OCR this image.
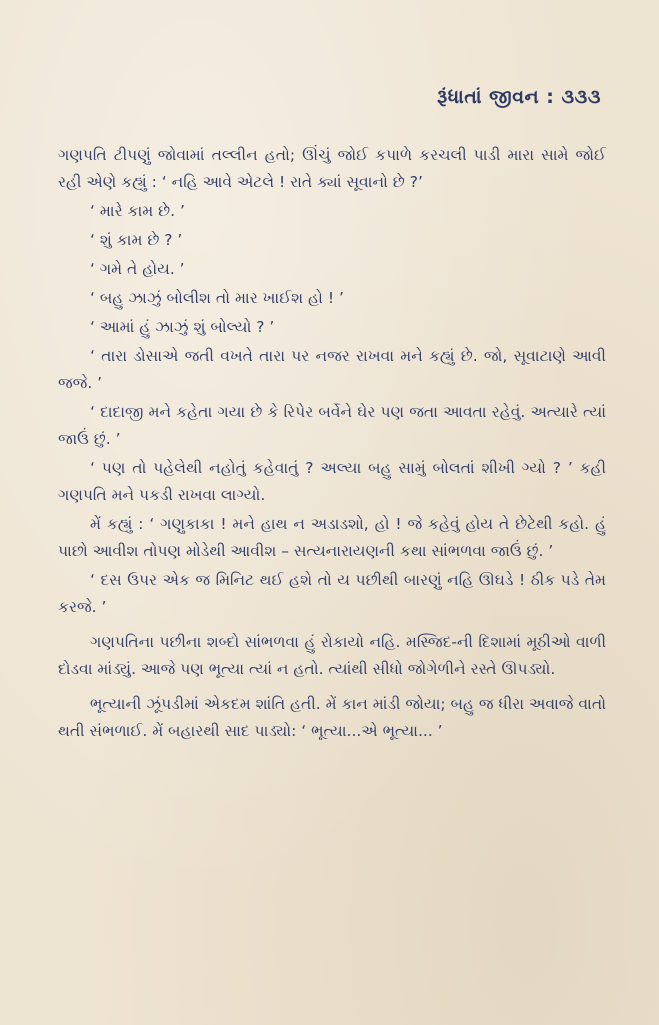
રૂંધાતાં જીવન : ૩૩૩

ગણપતિ ટીપણું જોવામાં તલ્લીન હતો; ઊંચું જોઈ કપાળે કરચલી પાડી મારા સામે જોઈ રહી એણે કહ્યું : ‘ નહિ આવે એટલે ! રાતે ક્યાં સૂવાનો છે ?’

‘ મારે કામ છે. ’

‘ શું કામ છે ? ’

‘ ગમે તે હોય. ’

‘ બહુ ઝાઝું બોલીશ તો માર ખાઈશ હો ! ’

‘ આમાં હું ઝાઝું શું બોલ્યો ? ’

‘ તારા ડોસાએ જતી વખતે તારા પર નજર રાખવા મને કહ્યું છે. જો, સૂવાટાણે આવી જજે. ’

‘ દાદાજી મને કહેતા ગયા છે કે રિપેર બર્વેને ઘેર પણ જતા આવતા રહેવું. અત્યારે ત્યાં જાઉં છું. ’

‘ પણ તો પહેલેથી નહોતું કહેવાતું ? અલ્યા બહુ સામું બોલતાં શીખી ગ્યો ? ’ કહી ગણપતિ મને પકડી રાખવા લાગ્યો.

મેં કહ્યું : ‘ ગણુકાકા ! મને હાથ ન અડાડશો, હો ! જે કહેવું હોય તે છેટેથી કહો. હું પાછો આવીશ તોપણ મોડેથી આવીશ – સત્યનારાયણની કથા સાંભળવા જાઉં છું. ’

‘ દસ ઉપર એક જ મિનિટ થઈ હશે તો ય પછીથી બારણું નહિ ઊઘડે ! ઠીક પડે તેમ કરજે. ’

ગણપતિના પછીના શબ્દો સાંભળવા હું રોકાયો નહિ. મસ્જિદ-ની દિશામાં મૂઠીઓ વાળી દોડવા માંડ્યું. આજે પણ ભૂત્યા ત્યાં ન હતો. ત્યાંથી સીધો જોગેળીને રસ્તે ઊપડ્યો.

ભૂત્યાની ઝૂંપડીમાં એકદમ શાંતિ હતી. મેં કાન માંડી જોયા; બહુ જ ધીરા અવાજે વાતો થતી સંભળાઈ. મેં બહારથી સાદ પાડ્યો: ‘ ભૂત્યા...એ ભૂત્યા... ’
